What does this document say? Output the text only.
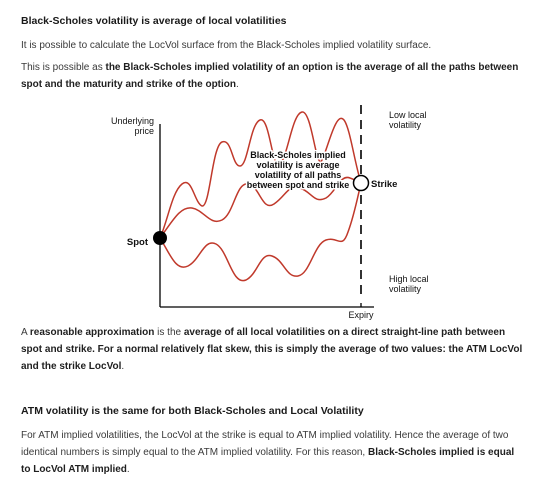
Black-Scholes volatility is average of local volatilities

It is possible to calculate the LocVol surface from the Black-Scholes implied volatility surface.

This is possible as the Black-Scholes implied volatility of an option is the average of all the paths between spot and the maturity and strike of the option.

Underlying
price
Spot
Strike
Expiry
Low local
volatility
High local
volatility
Black-Scholes implied
volatility is average
volatility of all paths
between spot and strike

A reasonable approximation is the average of all local volatilities on a direct straight-line path between spot and strike. For a normal relatively flat skew, this is simply the average of two values: the ATM LocVol and the strike LocVol.

ATM volatility is the same for both Black-Scholes and Local Volatility

For ATM implied volatilities, the LocVol at the strike is equal to ATM implied volatility. Hence the average of two identical numbers is simply equal to the ATM implied volatility. For this reason, Black-Scholes implied is equal to LocVol ATM implied.
